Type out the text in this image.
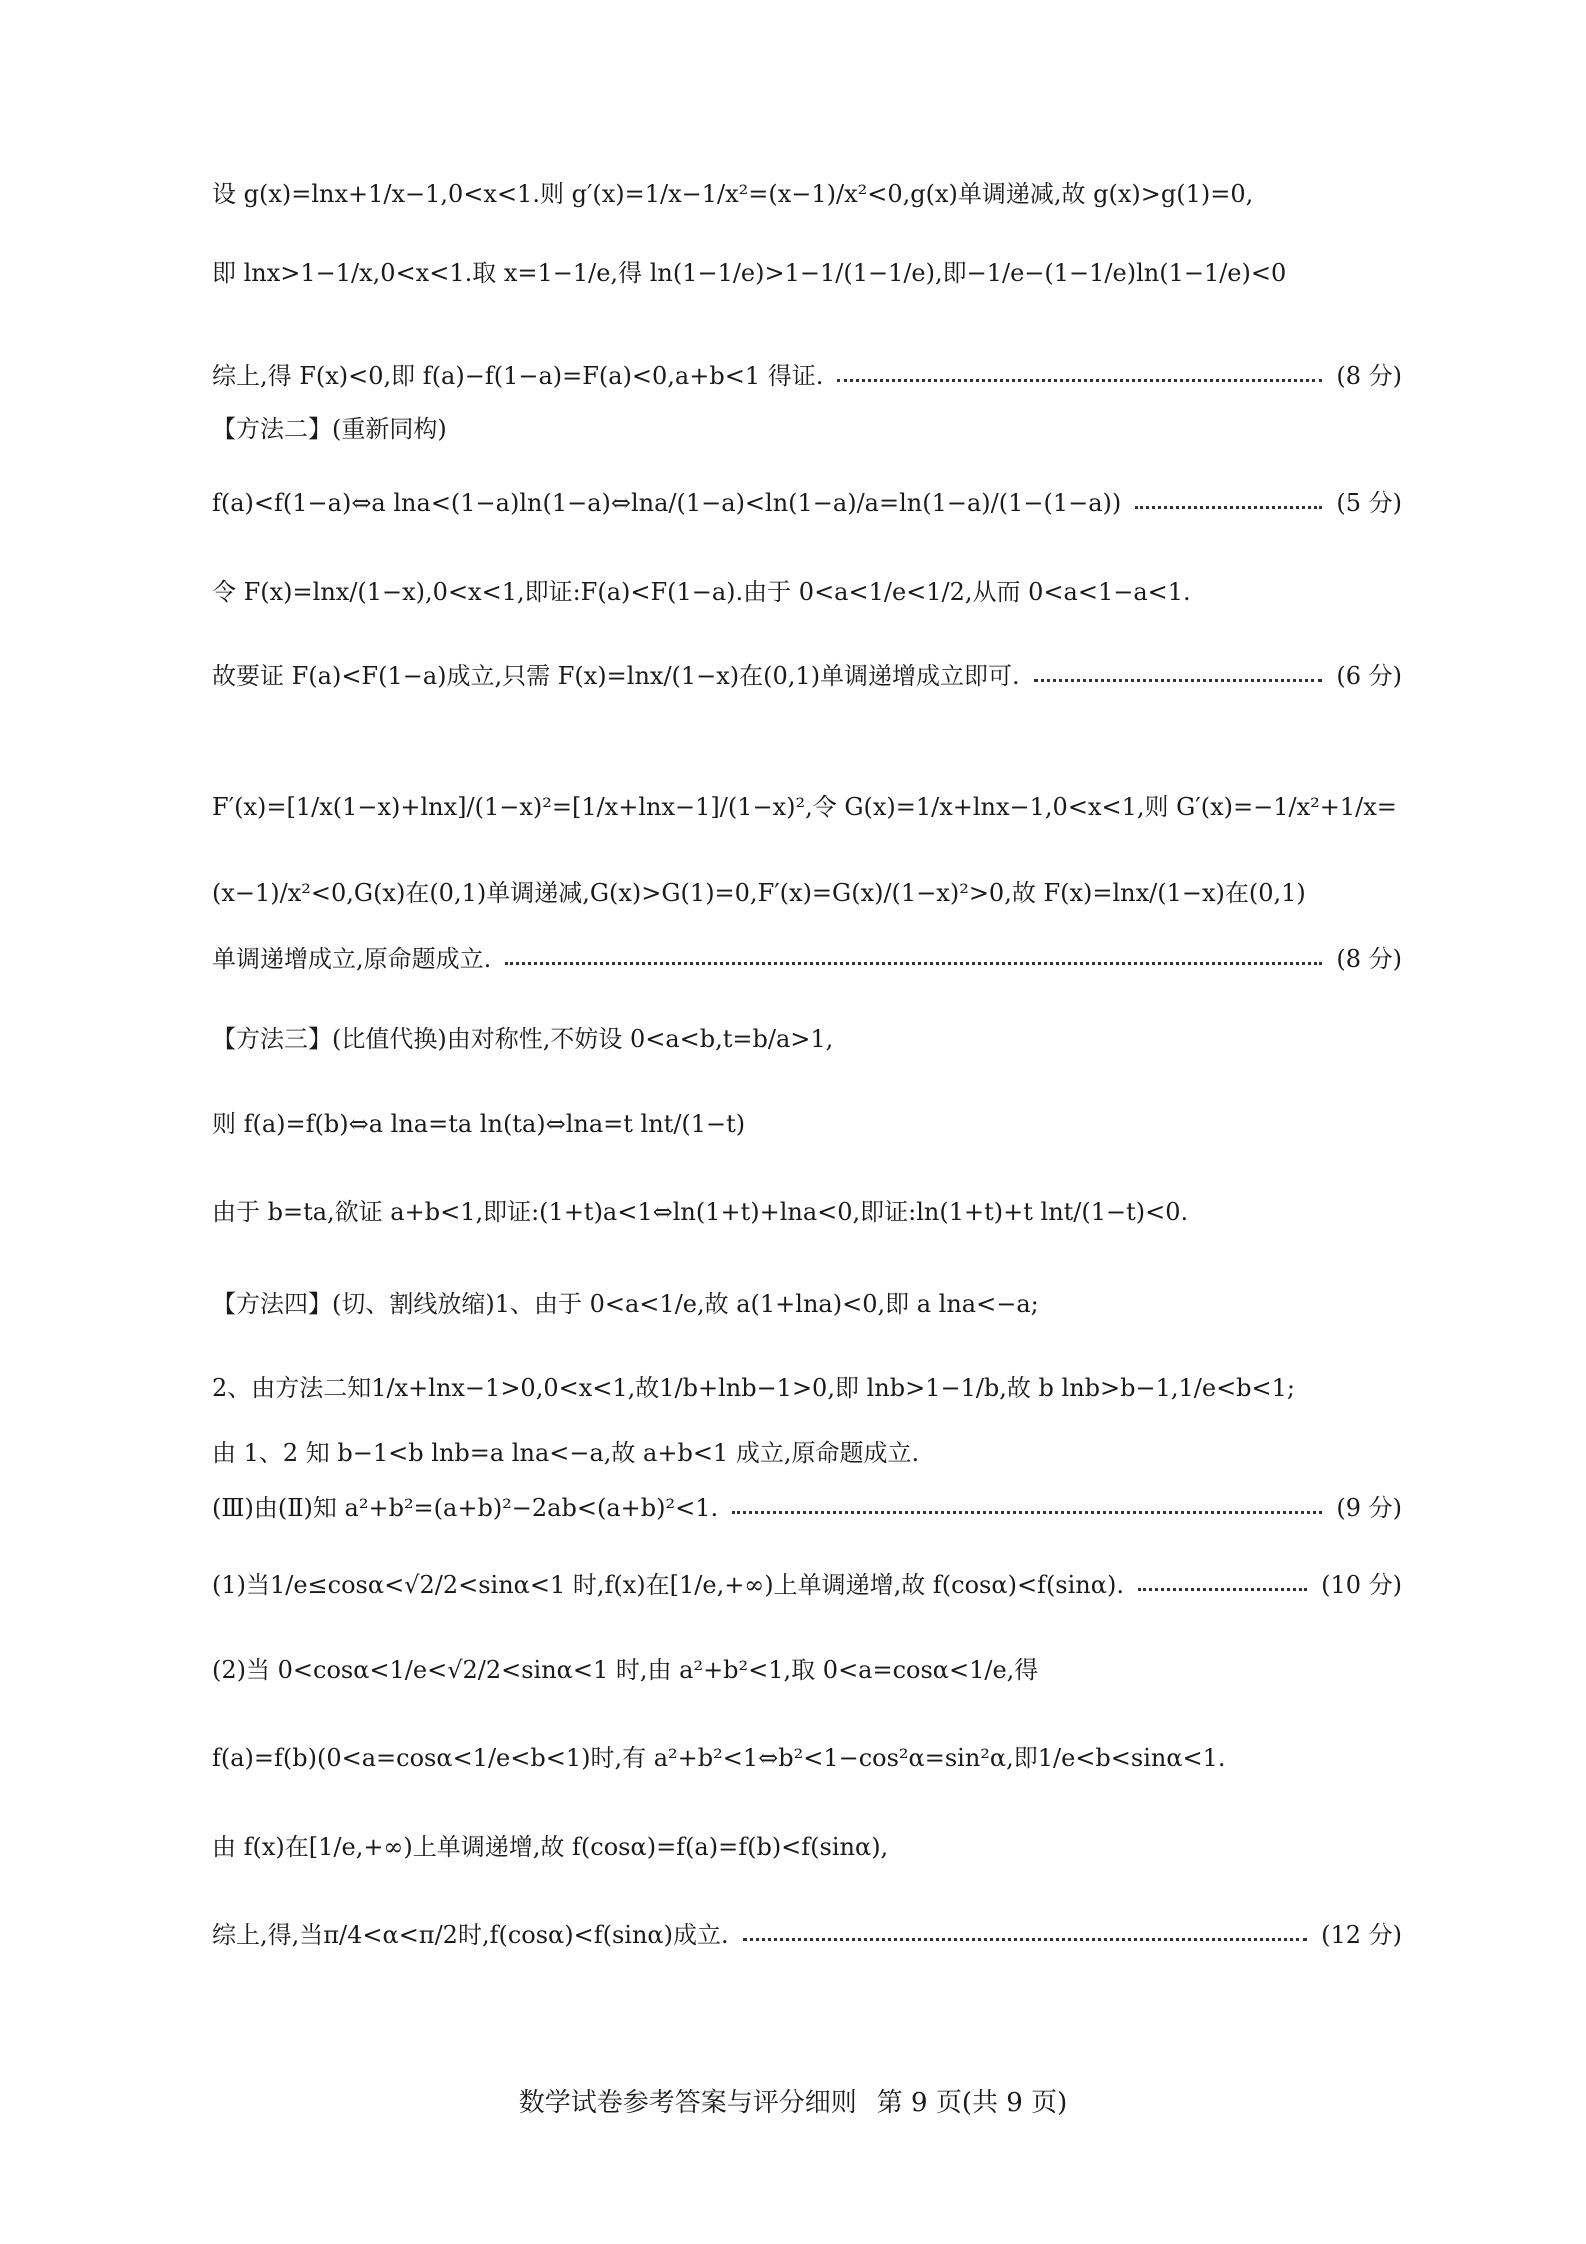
设 g(x)=lnx+1/x−1,0<x<1.则 g′(x)=1/x−1/x²=(x−1)/x²<0,g(x)单调递减,故 g(x)>g(1)=0,
即 lnx>1−1/x,0<x<1.取 x=1−1/e,得 ln(1−1/e)>1−1/(1−1/e),即−1/e−(1−1/e)ln(1−1/e)<0
综上,得 F(x)<0,即 f(a)−f(1−a)=F(a)<0,a+b<1 得证.	(8 分)
【方法二】(重新同构)
f(a)<f(1−a)⇔a lna<(1−a)ln(1−a)⇔lna/(1−a)<ln(1−a)/a=ln(1−a)/(1−(1−a))	(5 分)
令 F(x)=lnx/(1−x),0<x<1,即证:F(a)<F(1−a).由于 0<a<1/e<1/2,从而 0<a<1−a<1.
故要证 F(a)<F(1−a)成立,只需 F(x)=lnx/(1−x)在(0,1)单调递增成立即可.	(6 分)
F′(x)=[1/x(1−x)+lnx]/(1−x)²=[1/x+lnx−1]/(1−x)²,令 G(x)=1/x+lnx−1,0<x<1,则 G′(x)=−1/x²+1/x=
(x−1)/x²<0,G(x)在(0,1)单调递减,G(x)>G(1)=0,F′(x)=G(x)/(1−x)²>0,故 F(x)=lnx/(1−x)在(0,1)
单调递增成立,原命题成立.	(8 分)
【方法三】(比值代换)由对称性,不妨设 0<a<b,t=b/a>1,
则 f(a)=f(b)⇔a lna=ta ln(ta)⇔lna=t lnt/(1−t)
由于 b=ta,欲证 a+b<1,即证:(1+t)a<1⇔ln(1+t)+lna<0,即证:ln(1+t)+t lnt/(1−t)<0.
【方法四】(切、割线放缩)1、由于 0<a<1/e,故 a(1+lna)<0,即 a lna<−a;
2、由方法二知1/x+lnx−1>0,0<x<1,故1/b+lnb−1>0,即 lnb>1−1/b,故 b lnb>b−1,1/e<b<1;
由 1、2 知 b−1<b lnb=a lna<−a,故 a+b<1 成立,原命题成立.
(Ⅲ)由(Ⅱ)知 a²+b²=(a+b)²−2ab<(a+b)²<1.	(9 分)
(1)当1/e≤cosα<√2/2<sinα<1 时,f(x)在[1/e,+∞)上单调递增,故 f(cosα)<f(sinα).	(10 分)
(2)当 0<cosα<1/e<√2/2<sinα<1 时,由 a²+b²<1,取 0<a=cosα<1/e,得
f(a)=f(b)(0<a=cosα<1/e<b<1)时,有 a²+b²<1⇔b²<1−cos²α=sin²α,即1/e<b<sinα<1.
由 f(x)在[1/e,+∞)上单调递增,故 f(cosα)=f(a)=f(b)<f(sinα),
综上,得,当π/4<α<π/2时,f(cosα)<f(sinα)成立.	(12 分)
数学试卷参考答案与评分细则 第 9 页(共 9 页)
